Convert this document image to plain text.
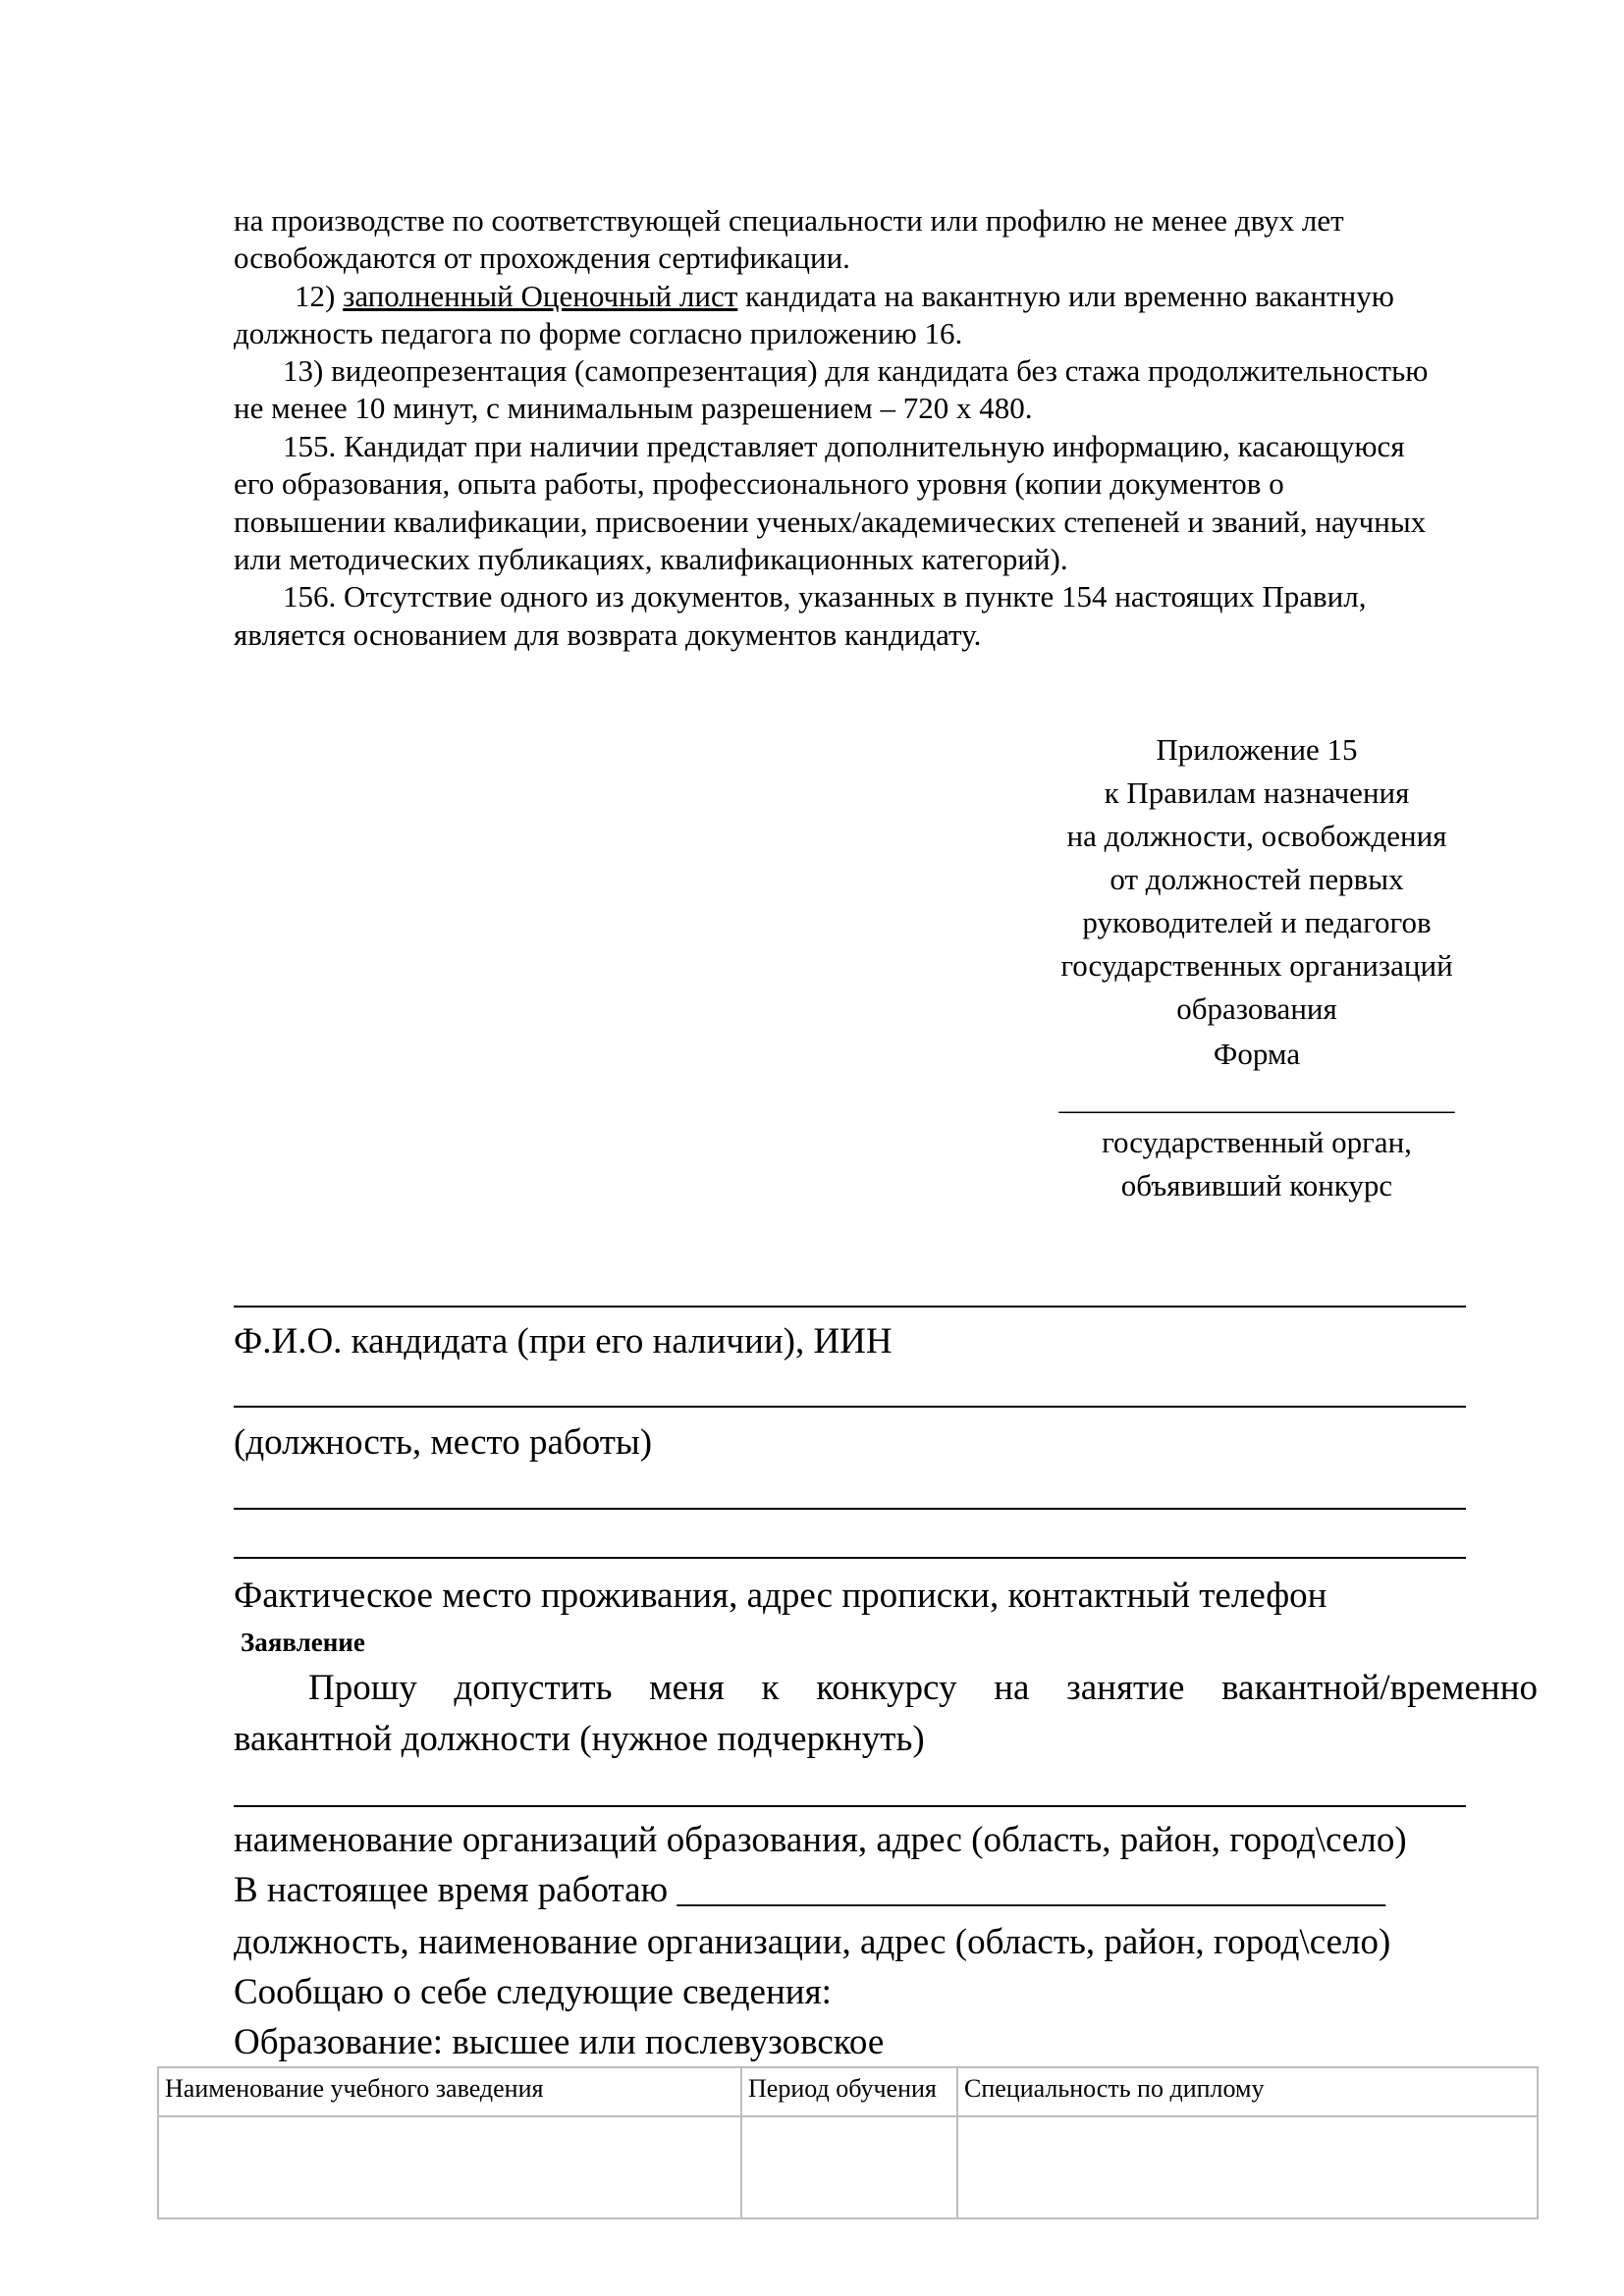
на производстве по соответствующей специальности или профилю не менее двух лет
освобождаются от прохождения сертификации.
12) заполненный Оценочный лист кандидата на вакантную или временно вакантную
должность педагога по форме согласно приложению 16.
13) видеопрезентация (самопрезентация) для кандидата без стажа продолжительностью
не менее 10 минут, с минимальным разрешением – 720 х 480.
155. Кандидат при наличии представляет дополнительную информацию, касающуюся
его образования, опыта работы, профессионального уровня (копии документов о
повышении квалификации, присвоении ученых/академических степеней и званий, научных
или методических публикациях, квалификационных категорий).
156. Отсутствие одного из документов, указанных в пункте 154 настоящих Правил,
является основанием для возврата документов кандидату.
Приложение 15
к Правилам назначения
на должности, освобождения
от должностей первых
руководителей и педагогов
государственных организаций
образования
Форма
__________________________
государственный орган,
объявивший конкурс
Ф.И.О. кандидата (при его наличии), ИИН
(должность, место работы)
Фактическое место проживания, адрес прописки, контактный телефон
Заявление
Прошу допустить меня к конкурсу на занятие вакантной/временно
вакантной должности (нужное подчеркнуть)
наименование организаций образования, адрес (область, район, город\село)
В настоящее время работаю _______________________________________
должность, наименование организации, адрес (область, район, город\село)
Сообщаю о себе следующие сведения:
Образование: высшее или послевузовское
Наименование учебного заведения	Период обучения	Специальность по диплому
